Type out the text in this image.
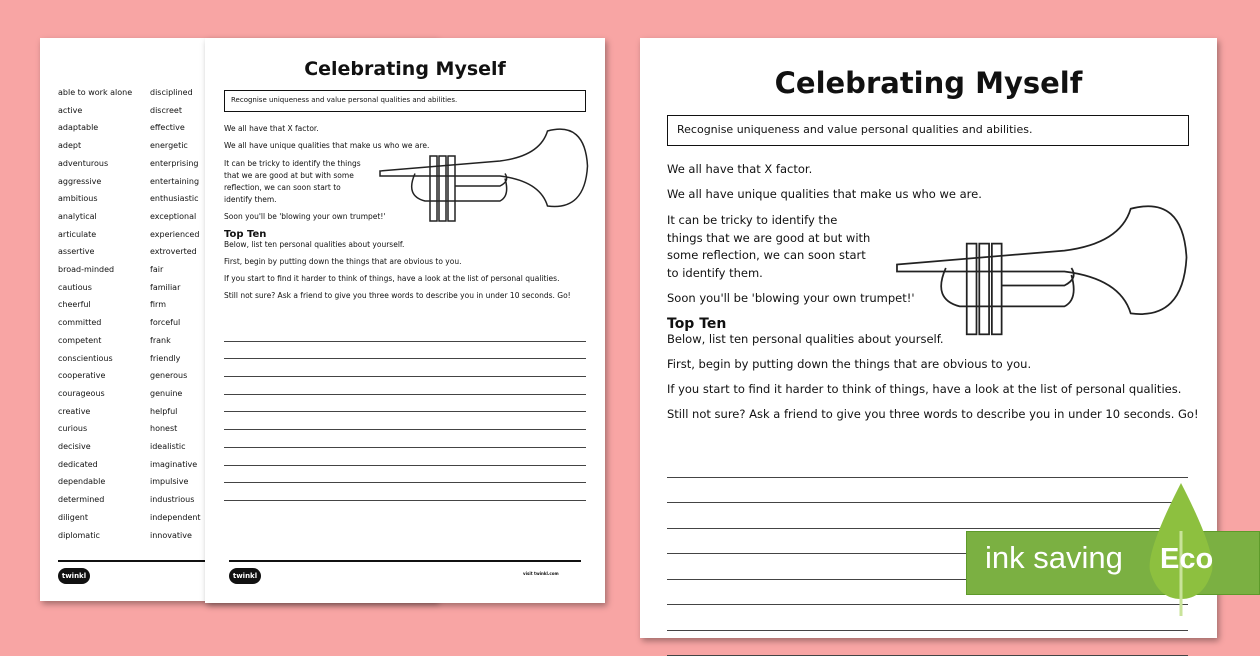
able to work alone
active
adaptable
adept
adventurous
aggressive
ambitious
analytical
articulate
assertive
broad-minded
cautious
cheerful
committed
competent
conscientious
cooperative
courageous
creative
curious
decisive
dedicated
dependable
determined
diligent
diplomatic
disciplined
discreet
effective
energetic
enterprising
entertaining
enthusiastic
exceptional
experienced
extroverted
fair
familiar
firm
forceful
frank
friendly
generous
genuine
helpful
honest
idealistic
imaginative
impulsive
industrious
independent
innovative
twinkl
Celebrating Myself
Recognise uniqueness and value personal qualities and abilities.

We all have that X factor.

We all have unique qualities that make us who we are.

It can be tricky to identify the things that we are good at but with some reflection, we can soon start to identify them.

Soon you'll be 'blowing your own trumpet!'

Top Ten

Below, list ten personal qualities about yourself.

First, begin by putting down the things that are obvious to you.

If you start to find it harder to think of things, have a look at the list of personal qualities.

Still not sure? Ask a friend to give you three words to describe you in under 10 seconds. Go!

twinkl	visit twinkl.com
Celebrating Myself
Recognise uniqueness and value personal qualities and abilities.

We all have that X factor.

We all have unique qualities that make us who we are.

It can be tricky to identify the things that we are good at but with some reflection, we can soon start to identify them.

Soon you'll be 'blowing your own trumpet!'

Top Ten

Below, list ten personal qualities about yourself.

First, begin by putting down the things that are obvious to you.

If you start to find it harder to think of things, have a look at the list of personal qualities.

Still not sure? Ask a friend to give you three words to describe you in under 10 seconds. Go!

ink saving Eco
